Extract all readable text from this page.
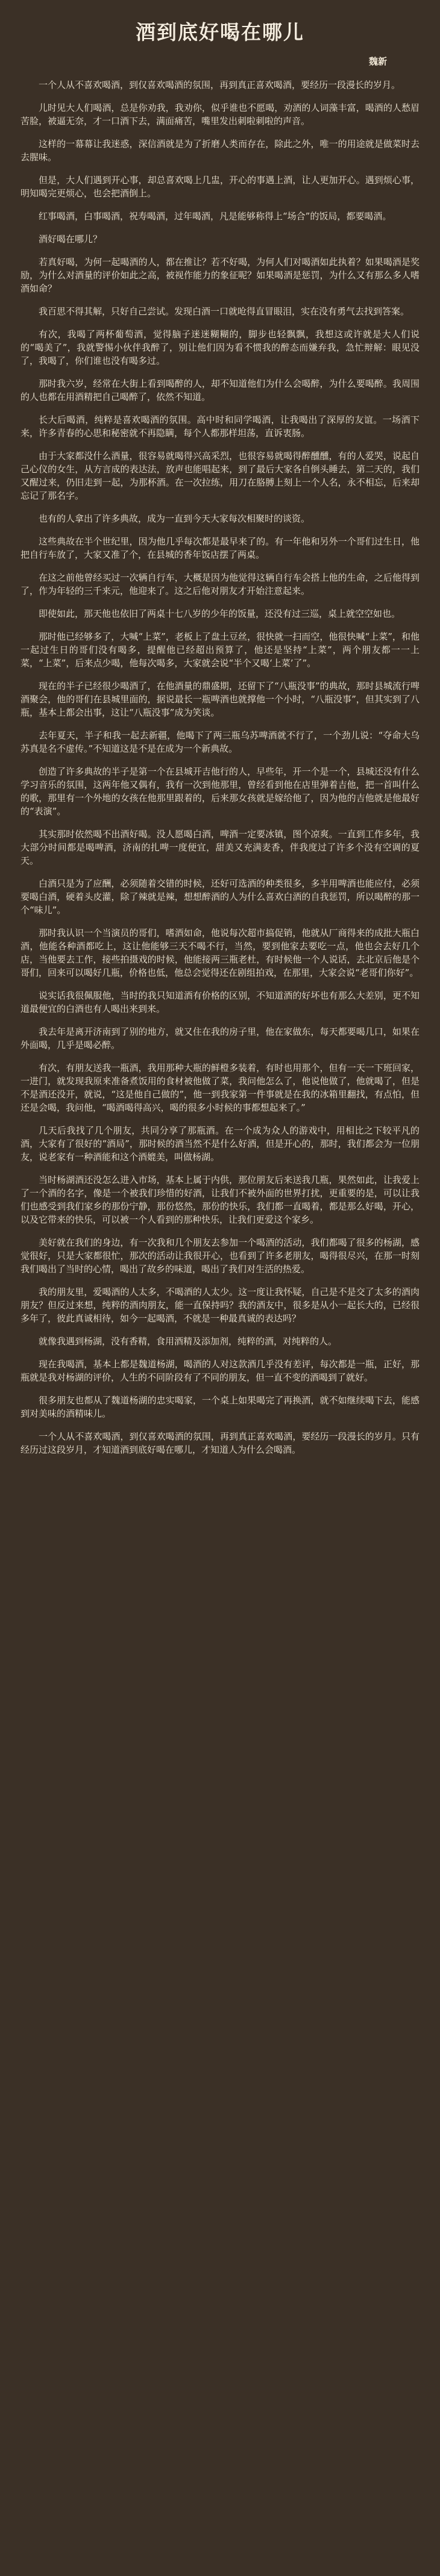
酒到底好喝在哪儿
魏新

一个人从不喜欢喝酒，到仅喜欢喝酒的氛围，再到真正喜欢喝酒，要经历一段漫长的岁月。

儿时见大人们喝酒，总是你劝我，我劝你，似乎谁也不愿喝，劝酒的人词藻丰富，喝酒的人愁眉苦脸，被逼无奈，才一口酒下去，满面痛苦，嘴里发出刺啦刺啦的声音。

这样的一幕幕让我迷惑，深信酒就是为了折磨人类而存在，除此之外，唯一的用途就是做菜时去去腥味。

但是，大人们遇到开心事，却总喜欢喝上几盅，开心的事遇上酒，让人更加开心。遇到烦心事，明知喝完更烦心，也会把酒倒上。

红事喝酒，白事喝酒，祝寿喝酒，过年喝酒，凡是能够称得上“场合”的饭局，都要喝酒。

酒好喝在哪儿？

若真好喝，为何一起喝酒的人，都在推让？若不好喝，为何人们对喝酒如此执着？如果喝酒是奖励，为什么对酒量的评价如此之高，被视作能力的象征呢？如果喝酒是惩罚，为什么又有那么多人嗜酒如命？

我百思不得其解，只好自己尝试。发现白酒一口就呛得直冒眼泪，实在没有勇气去找到答案。

有次，我喝了两杯葡萄酒，觉得脑子迷迷糊糊的，脚步也轻飘飘，我想这或许就是大人们说的“喝美了”，我就警惕小伙伴我醉了，别让他们因为看不惯我的醉态而嫌弃我，急忙辩解：眼见没了，我喝了，你们谁也没有喝多过。

那时我六岁，经常在大街上看到喝醉的人，却不知道他们为什么会喝醉，为什么要喝醉。我周围的人也都在用酒精把自己喝醉了，依然不知道。

长大后喝酒，纯粹是喜欢喝酒的氛围。高中时和同学喝酒，让我喝出了深厚的友谊。一场酒下来，许多青春的心思和秘密就不再隐瞒，每个人都那样坦荡，直诉衷肠。

由于大家都没什么酒量，很容易就喝得兴高采烈，也很容易就喝得醉醺醺，有的人爱哭，说起自己心仪的女生，从方言成的表达法，放声也能唱起来，到了最后大家各自倒头睡去，第二天的，我们又醒过来，仍旧走到一起，为那杯酒。在一次拉练，用刀在胳膊上刻上一个人名，永不相忘，后来却忘记了那名字。

也有的人拿出了许多典故，成为一直到今天大家每次相聚时的谈资。

这些典故在半个世纪里，因为他几乎每次都是最早来了的。有一年他和另外一个哥们过生日，他把自行车放了，大家又准了个，在县城的香年饭店摆了两桌。

在这之前他曾经买过一次辆自行车，大概是因为他觉得这辆自行车会搭上他的生命，之后他得到了，作为年轻的三千来元，他迎来了。这之后他对朋友才开始注意起来。

即使如此，那天他也依旧了两桌十七八岁的少年的饭量，还没有过三巡，桌上就空空如也。

那时他已经够多了，大喊“上菜”，老板上了盘土豆丝，很快就一扫而空，他很快喊“上菜”，和他一起过生日的哥们没有喝多，提醒他已经超出预算了，他还是坚持“上菜”，两个朋友都一一上菜，“上菜”，后来点少喝，他每次喝多，大家就会说“半个又喝‘上菜’了”。

现在的半子已经很少喝酒了，在他酒量的鼎盛期，还留下了“八瓶没事”的典故，那时县城流行啤酒聚会，他的哥们在县城里面的，据说最长一瓶啤酒也就撑他一个小时，“八瓶没事”，但其实到了八瓶，基本上都会出事，这让“八瓶没事”成为笑谈。

去年夏天，半子和我一起去新疆，他喝下了两三瓶乌苏啤酒就不行了，一个劲儿说：“夺命大乌苏真是名不虚传。”不知道这是不是在成为一个新典故。

创造了许多典故的半子是第一个在县城开吉他行的人，早些年，开一个是一个，县城还没有什么学习音乐的氛围，这两年他又偶有，我有一次到他那里，曾经看到他在店里弹着吉他，把一首叫什么的歌，那里有一个外地的女孩在他那里跟着的，后来那女孩就是嫁给他了，因为他的吉他就是他最好的“表演”。

其实那时依然喝不出酒好喝。没人愿喝白酒，啤酒一定要冰镇，图个凉爽。一直到工作多年，我大部分时间都是喝啤酒，济南的扎啤一度便宜，甜美又充满麦香，伴我度过了许多个没有空调的夏天。

白酒只是为了应酬，必须随着交错的时候，还好可选酒的种类很多，多半用啤酒也能应付，必须要喝白酒，硬着头皮灌，除了辣就是辣，想想醉酒的人为什么喜欢白酒的自我惩罚，所以喝醉的那一个“味儿”。

那时我认识一个当演员的哥们，嗜酒如命，他说每次超市搞促销，他就从厂商得来的成批大瓶白酒，他能各种酒都吃上，这让他能够三天不喝不行，当然，要到他家去要吃一点，他也会去好几个店，当他要去工作，接些拍摄戏的时候，他能接两三瓶老杜，有时候他一个人说话，去北京后他是个哥们，回来可以喝好几瓶，价格也低，他总会觉得还在剧组拍戏，在那里，大家会说“老哥们你好”。

说实话我很佩服他，当时的我只知道酒有价格的区别，不知道酒的好坏也有那么大差别，更不知道最便宜的白酒也有人喝出来到来。

我去年是离开济南到了别的地方，就又住在我的房子里，他在家做东，每天都要喝几口，如果在外面喝，几乎是喝必醉。

有次，有朋友送我一瓶酒，我用那种大瓶的鲜橙多装着，有时也用那个，但有一天一下班回家，一进门，就发现我原来准备煮饭用的食材被他做了菜，我问他怎么了，他说他做了，他就喝了，但是不是酒还没开，就说，“这是他自己做的”，他一到我家第一件事就是在我的冰箱里翻找，有点怕，但还是会喝，我问他，“喝酒喝得高兴，喝的很多小时候的事都想起来了。”

几天后我找了几个朋友，共同分享了那瓶酒。在一个成为众人的游戏中，用相比之下较平凡的酒，大家有了很好的“酒局”，那时候的酒当然不是什么好酒，但是开心的，那时，我们都会为一位朋友，说老家有一种酒能和这个酒媲美，叫做杨湖。

当时杨湖酒还没怎么进入市场，基本上属于内供，那位朋友后来送我几瓶，果然如此，让我爱上了一个酒的名字，像是一个被我们珍惜的好酒，让我们不被外面的世界打扰，更重要的是，可以让我们也感受到我们家乡的那份宁静，那份悠然，那份的快乐，我们都一直喝着，都是那么好喝，开心，以及它带来的快乐，可以被一个人看到的那种快乐，让我们更爱这个家乡。

美好就在我们的身边，有一次我和几个朋友去参加一个喝酒的活动，我们都喝了很多的杨湖，感觉很好，只是大家都很忙，那次的活动让我很开心，也看到了许多老朋友，喝得很尽兴，在那一时刻我们喝出了当时的心情，喝出了故乡的味道，喝出了我们对生活的热爱。

我的朋友里，爱喝酒的人太多，不喝酒的人太少。这一度让我怀疑，自己是不是交了太多的酒肉朋友？但反过来想，纯粹的酒肉朋友，能一直保持吗？我的酒友中，很多是从小一起长大的，已经很多年了，彼此真诚相待，如今一起喝酒，不就是一种最真诚的表达吗？

就像我遇到杨湖，没有香精，食用酒精及添加剂，纯粹的酒，对纯粹的人。

现在我喝酒，基本上都是魏道杨湖，喝酒的人对这款酒几乎没有差评，每次都是一瓶，正好，那瓶就是我对杨湖的评价，人生的不同阶段有了不同的朋友，但一直不变的酒喝到了就好。

很多朋友也都从了魏道杨湖的忠实喝家，一个桌上如果喝完了再换酒，就不如继续喝下去，能感到对美味的酒精味儿。

一个人从不喜欢喝酒，到仅喜欢喝酒的氛围，再到真正喜欢喝酒，要经历一段漫长的岁月。只有经历过这段岁月，才知道酒到底好喝在哪儿，才知道人为什么会喝酒。
